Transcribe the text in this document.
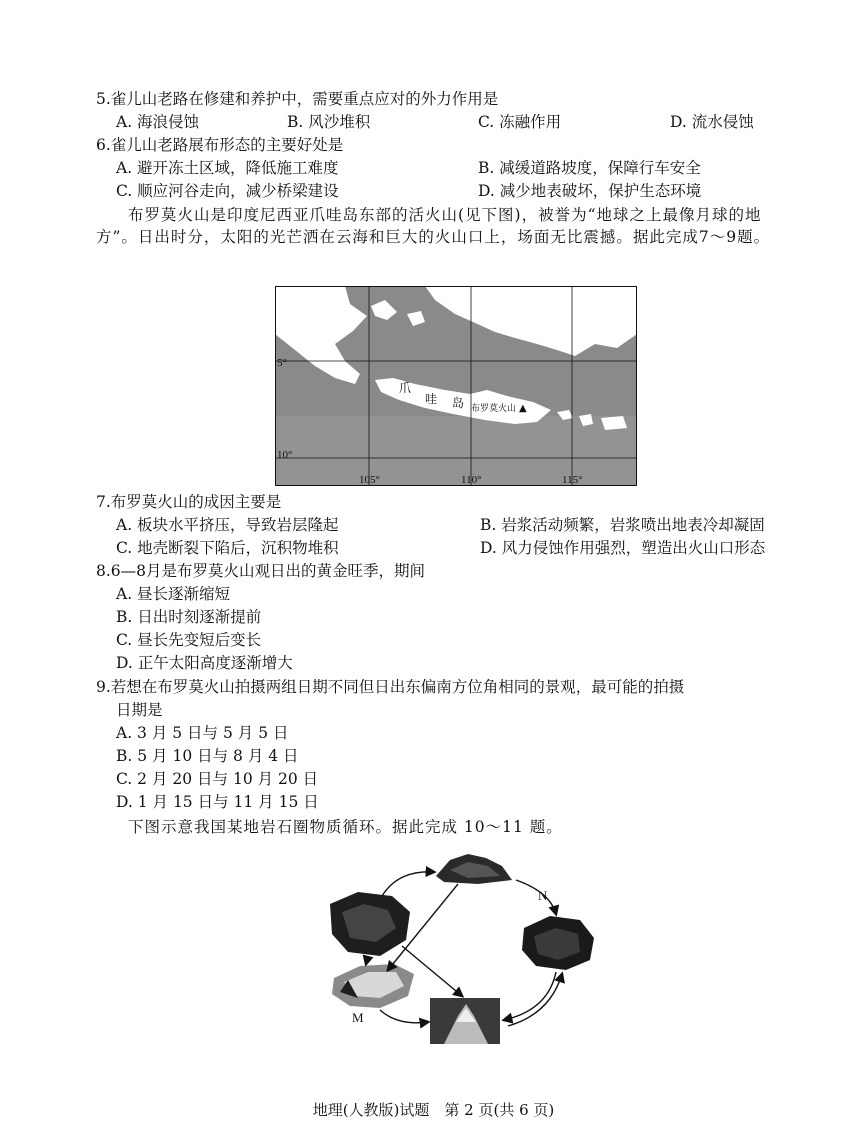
5.雀儿山老路在修建和养护中，需要重点应对的外力作用是
A. 海浪侵蚀	B. 风沙堆积	C. 冻融作用	D. 流水侵蚀
6.雀儿山老路展布形态的主要好处是
A. 避开冻土区域，降低施工难度	B. 减缓道路坡度，保障行车安全
C. 顺应河谷走向，减少桥梁建设	D. 减少地表破坏，保护生态环境
布罗莫火山是印度尼西亚爪哇岛东部的活火山(见下图)，被誉为“地球之上最像月球的地方”。日出时分，太阳的光芒洒在云海和巨大的火山口上，场面无比震撼。据此完成7～9题。
5°
10°
105°	110°	115°
爪
哇 岛 布罗莫火山 ▲
7.布罗莫火山的成因主要是
A. 板块水平挤压，导致岩层隆起	B. 岩浆活动频繁，岩浆喷出地表冷却凝固
C. 地壳断裂下陷后，沉积物堆积	D. 风力侵蚀作用强烈，塑造出火山口形态
8.6—8月是布罗莫火山观日出的黄金旺季，期间
A. 昼长逐渐缩短
B. 日出时刻逐渐提前
C. 昼长先变短后变长
D. 正午太阳高度逐渐增大
9.若想在布罗莫火山拍摄两组日期不同但日出东偏南方位角相同的景观，最可能的拍摄
日期是
A. 3 月 5 日与 5 月 5 日
B. 5 月 10 日与 8 月 4 日
C. 2 月 20 日与 10 月 20 日
D. 1 月 15 日与 11 月 15 日
下图示意我国某地岩石圈物质循环。据此完成 10～11 题。
N
M
地理(人教版)试题　第 2 页(共 6 页)
